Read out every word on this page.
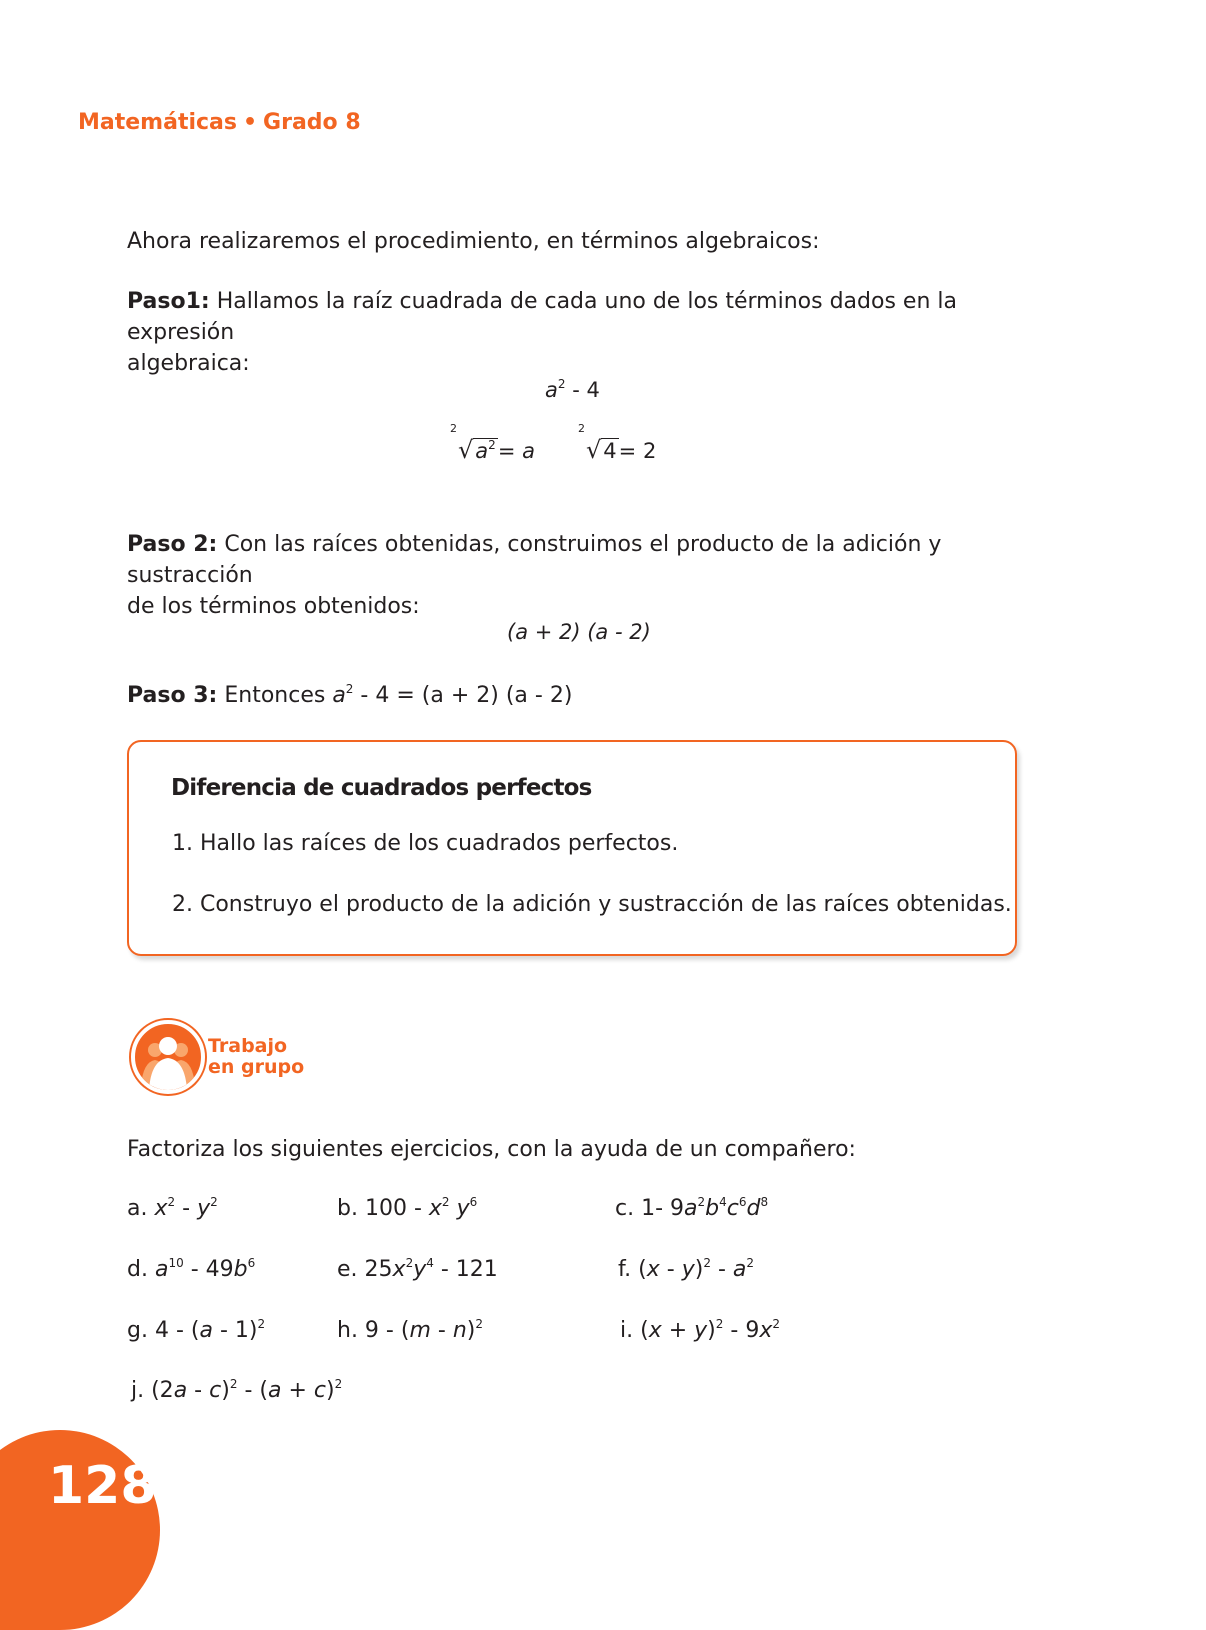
Matemáticas • Grado 8
Ahora realizaremos el procedimiento, en términos algebraicos:
Paso1: Hallamos la raíz cuadrada de cada uno de los términos dados en la expresión
algebraica:
$a^2 - 4$
2
$√a^2= a$
2
√4= 2
Paso 2: Con las raíces obtenidas, construimos el producto de la adición y sustracción
de los términos obtenidos:
(a + 2) (a - 2)
Paso 3: Entonces $a^2 - 4 = (a + 2)$ (a - 2)
Diferencia de cuadrados perfectos
1. Hallo las raíces de los cuadrados perfectos.
2. Construyo el producto de la adición y sustracción de las raíces obtenidas.
Trabajo
en grupo
Factoriza los siguientes ejercicios, con la ayuda de un compañero:
a. $x^2 - y^2$	b. $100 - x^2$ $y^6$	c. 1- $9a^2b^4c^6d^8$
d. $a^{10} - 49b^6$	e. $25x^2y^4 - 121$	f. $(x - y)^2 - a^2$
g. 4 - (a - 1)$^2$	h. 9 - (m - n)$^2$	i. $(x + y)^2 - 9x^2$
j. $(2a - c)^2 - (a + c)^2$
128
